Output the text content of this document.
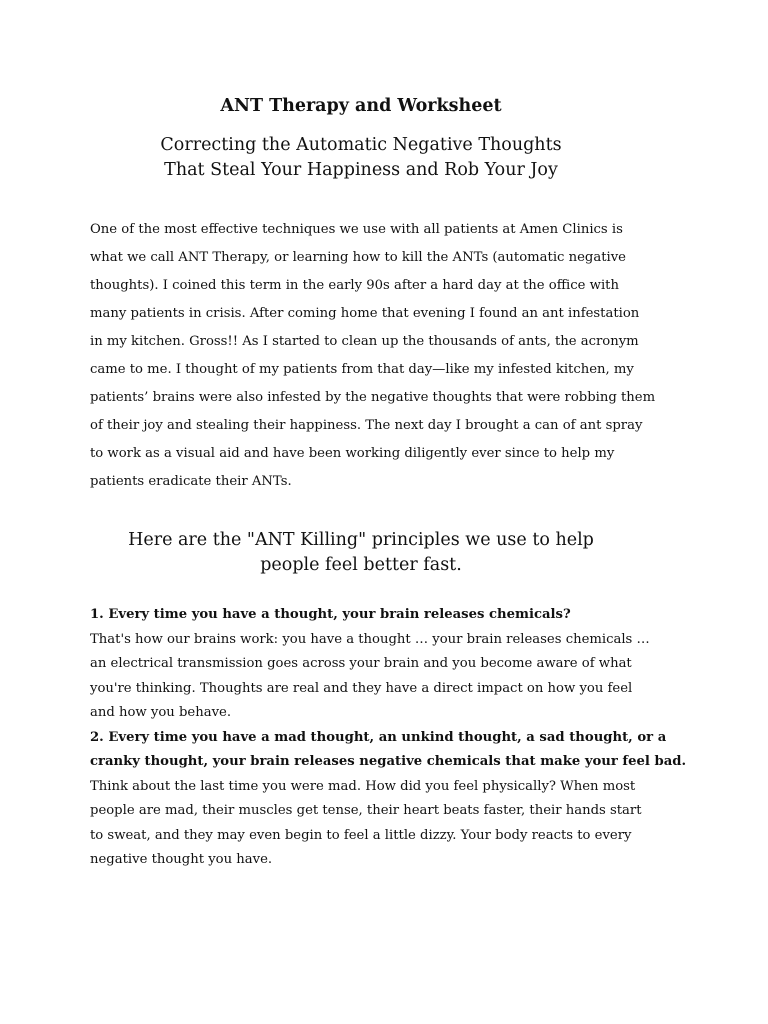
ANT Therapy and Worksheet
Correcting the Automatic Negative Thoughts
That Steal Your Happiness and Rob Your Joy
One of the most effective techniques we use with all patients at Amen Clinics is
what we call ANT Therapy, or learning how to kill the ANTs (automatic negative
thoughts). I coined this term in the early 90s after a hard day at the office with
many patients in crisis. After coming home that evening I found an ant infestation
in my kitchen. Gross!! As I started to clean up the thousands of ants, the acronym
came to me. I thought of my patients from that day—like my infested kitchen, my
patients’ brains were also infested by the negative thoughts that were robbing them
of their joy and stealing their happiness. The next day I brought a can of ant spray
to work as a visual aid and have been working diligently ever since to help my
patients eradicate their ANTs.
Here are the "ANT Killing" principles we use to help
people feel better fast.
1. Every time you have a thought, your brain releases chemicals?
That's how our brains work: you have a thought … your brain releases chemicals …
an electrical transmission goes across your brain and you become aware of what
you're thinking. Thoughts are real and they have a direct impact on how you feel
and how you behave.
2. Every time you have a mad thought, an unkind thought, a sad thought, or a
cranky thought, your brain releases negative chemicals that make your feel bad.
Think about the last time you were mad. How did you feel physically? When most
people are mad, their muscles get tense, their heart beats faster, their hands start
to sweat, and they may even begin to feel a little dizzy. Your body reacts to every
negative thought you have.
